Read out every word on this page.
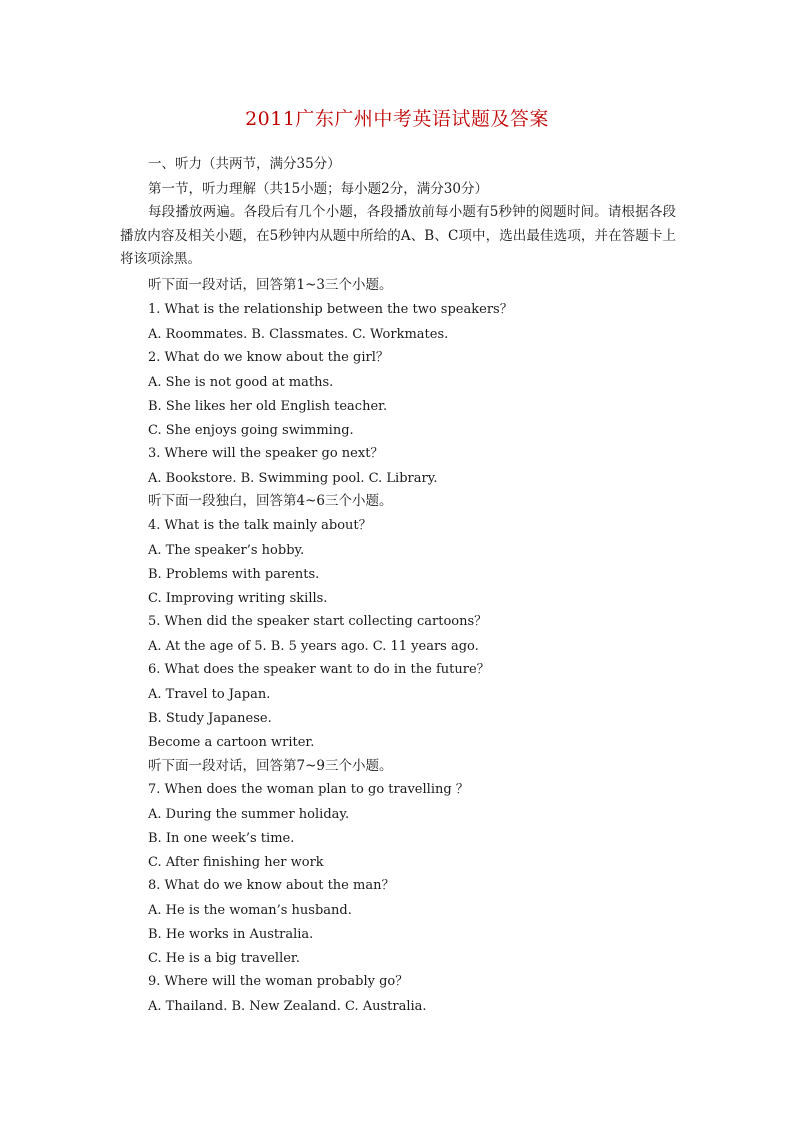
2011广东广州中考英语试题及答案
一、听力（共两节，满分35分）
第一节，听力理解（共15小题；每小题2分，满分30分）
每段播放两遍。各段后有几个小题，各段播放前每小题有5秒钟的阅题时间。请根据各段播放内容及相关小题，在5秒钟内从题中所给的A、B、C项中，选出最佳选项，并在答题卡上将该项涂黑。
听下面一段对话，回答第1~3三个小题。
1. What is the relationship between the two speakers？
A. Roommates. B. Classmates. C. Workmates.
2. What do we know about the girl？
A. She is not good at maths.
B. She likes her old English teacher.
C. She enjoys going swimming.
3. Where will the speaker go next？
A. Bookstore. B. Swimming pool. C. Library.
听下面一段独白，回答第4~6三个小题。
4. What is the talk mainly about？
A. The speaker’s hobby.
B. Problems with parents.
C. Improving writing skills.
5. When did the speaker start collecting cartoons？
A. At the age of 5. B. 5 years ago. C. 11 years ago.
6. What does the speaker want to do in the future？
A. Travel to Japan.
B. Study Japanese.
Become a cartoon writer.
听下面一段对话，回答第7~9三个小题。
7. When does the woman plan to go travelling ？
A. During the summer holiday.
B. In one week’s time.
C. After finishing her work
8. What do we know about the man？
A. He is the woman’s husband.
B. He works in Australia.
C. He is a big traveller.
9. Where will the woman probably go？
A. Thailand. B. New Zealand. C. Australia.
